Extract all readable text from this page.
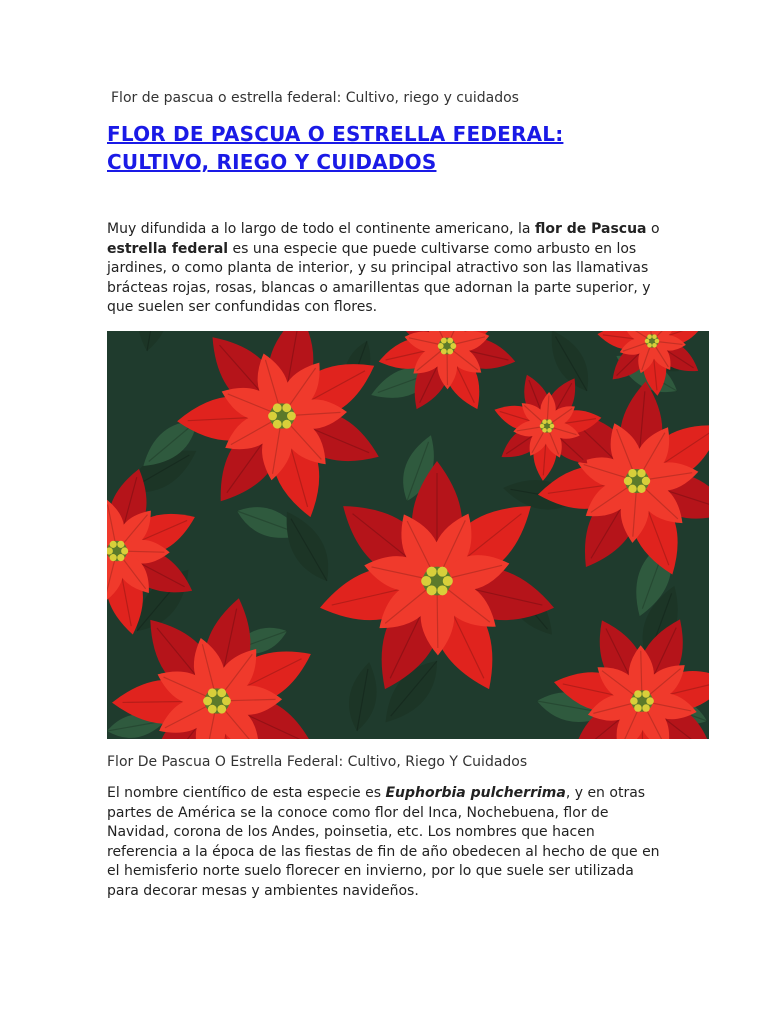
Flor de pascua o estrella federal: Cultivo, riego y cuidados
FLOR DE PASCUA O ESTRELLA FEDERAL:
CULTIVO, RIEGO Y CUIDADOS

Muy difundida a lo largo de todo el continente americano, la flor de Pascua o estrella federal es una especie que puede cultivarse como arbusto en los jardines, o como planta de interior, y su principal atractivo son las llamativas brácteas rojas, rosas, blancas o amarillentas que adornan la parte superior, y que suelen ser confundidas con flores.

Flor De Pascua O Estrella Federal: Cultivo, Riego Y Cuidados

El nombre científico de esta especie es Euphorbia pulcherrima, y en otras partes de América se la conoce como flor del Inca, Nochebuena, flor de Navidad, corona de los Andes, poinsetia, etc. Los nombres que hacen referencia a la época de las fiestas de fin de año obedecen al hecho de que en el hemisferio norte suelo florecer en invierno, por lo que suele ser utilizada para decorar mesas y ambientes navideños.
